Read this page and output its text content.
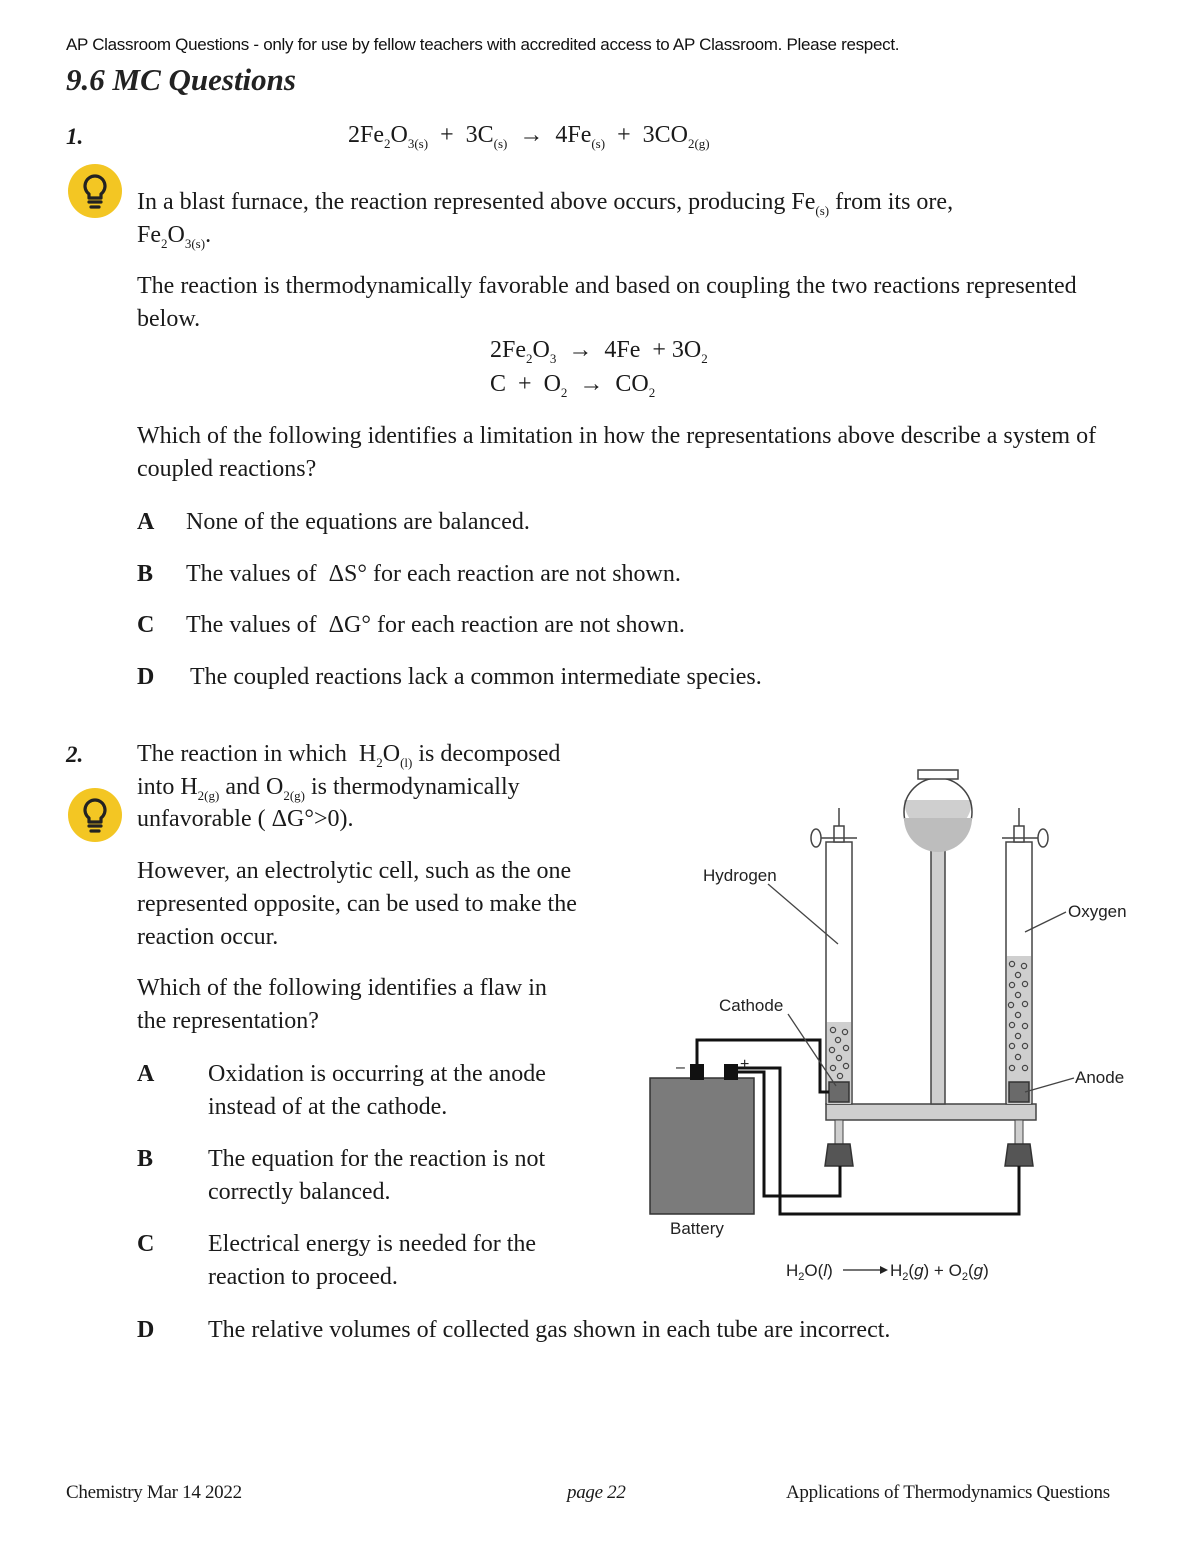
AP Classroom Questions - only for use by fellow teachers with accredited access to AP Classroom. Please respect.
9.6 MC Questions
1.	$2Fe_2O_{3(s)} + 3C_{(s)} \to 4Fe_{(s)} + 3CO_{2(g)}$
In a blast furnace, the reaction represented above occurs, producing $Fe_{(s)}$ from its ore,
$Fe_2O_{3(s)}$.
The reaction is thermodynamically favorable and based on coupling the two reactions represented below.
$2Fe_2O_3 \to 4Fe + 3O_2$
$C + O_2 \to CO_2$
Which of the following identifies a limitation in how the representations above describe a system of coupled reactions?
A None of the equations are balanced.
B The values of  ΔS° for each reaction are not shown.
C The values of  ΔG° for each reaction are not shown.
D The coupled reactions lack a common intermediate species.
2. The reaction in which  $H_2O_{(l)}$ is decomposed
into $H_{2(g)}$ and $O_{2(g)}$ is thermodynamically
unfavorable ( ΔG°>0).
However, an electrolytic cell, such as the one represented opposite, can be used to make the reaction occur.
Which of the following identifies a flaw in the representation?
A Oxidation is occurring at the anode instead of at the cathode.
B The equation for the reaction is not correctly balanced.
C Electrical energy is needed for the reaction to proceed.
D The relative volumes of collected gas shown in each tube are incorrect.
Hydrogen
Oxygen
Cathode
Anode
Battery
–	+
$H_2O(l)$	$H_2(g) + O_2(g)$
Chemistry Mar 14 2022	page 22	Applications of Thermodynamics Questions
